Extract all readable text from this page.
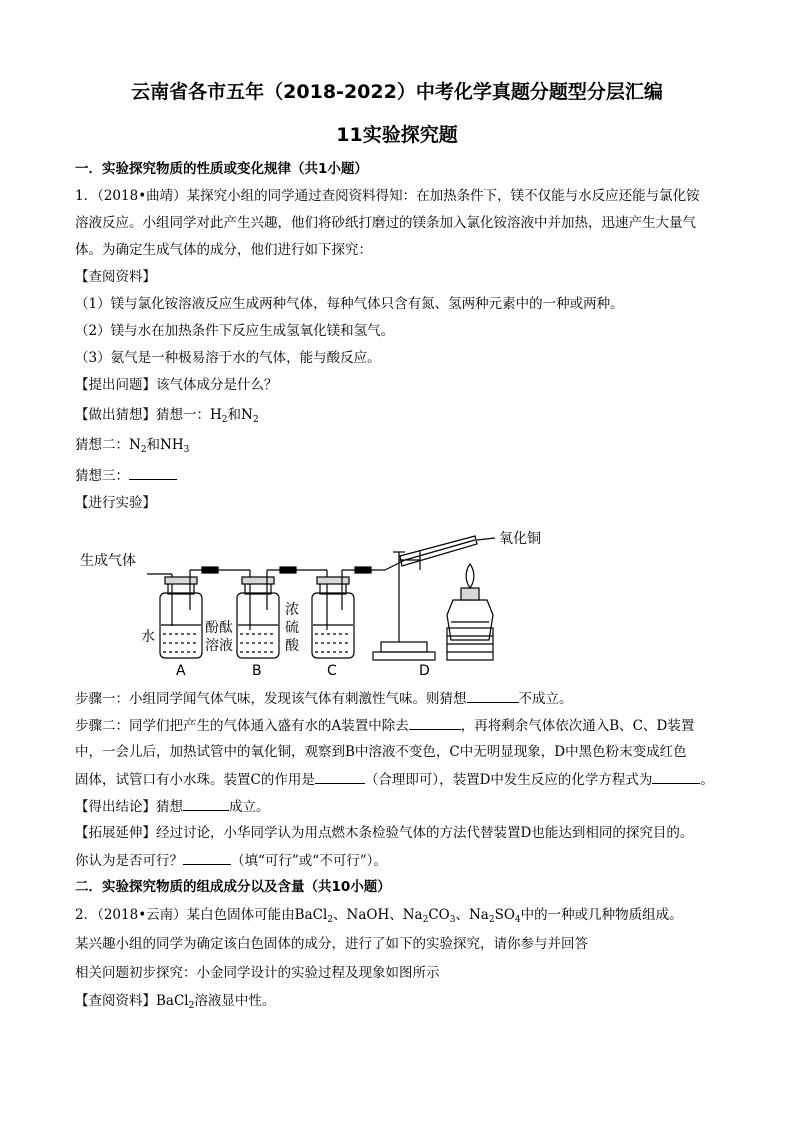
云南省各市五年（2018-2022）中考化学真题分题型分层汇编
11实验探究题
一．实验探究物质的性质或变化规律（共1小题）
1．（2018•曲靖）某探究小组的同学通过查阅资料得知：在加热条件下，镁不仅能与水反应还能与氯化铵
溶液反应。小组同学对此产生兴趣，他们将砂纸打磨过的镁条加入氯化铵溶液中并加热，迅速产生大量气
体。为确定生成气体的成分，他们进行如下探究：
【查阅资料】
（1）镁与氯化铵溶液反应生成两种气体，每种气体只含有氮、氢两种元素中的一种或两种。
（2）镁与水在加热条件下反应生成氢氧化镁和氢气。
（3）氨气是一种极易溶于水的气体，能与酸反应。
【提出问题】该气体成分是什么？
【做出猜想】猜想一：$H_2$和$N_2$
猜想二：$N_2$和$NH_3$
猜想三：
【进行实验】
生成气体
氧化铜
水
酚酞
溶液
浓
硫
酸
A	B	C	D
步骤一：小组同学闻气体气味，发现该气体有刺激性气味。则猜想	不成立。
步骤二：同学们把产生的气体通入盛有水的A装置中除去	，再将剩余气体依次通入B、C、D装置
中，一会儿后，加热试管中的氧化铜，观察到B中溶液不变色，C中无明显现象，D中黑色粉末变成红色
固体，试管口有小水珠。装置C的作用是	（合理即可），装置D中发生反应的化学方程式为	。
【得出结论】猜想	成立。
【拓展延伸】经过讨论，小华同学认为用点燃木条检验气体的方法代替装置D也能达到相同的探究目的。
你认为是否可行？	（填“可行”或“不可行”）。
二．实验探究物质的组成成分以及含量（共10小题）
2．（2018•云南）某白色固体可能由BaCl$_2$、NaOH、$Na_2CO_3$、$Na_2SO_4$中的一种或几种物质组成。
某兴趣小组的同学为确定该白色固体的成分，进行了如下的实验探究，请你参与并回答
相关问题初步探究：小金同学设计的实验过程及现象如图所示
【查阅资料】BaCl$_2$溶液显中性。
